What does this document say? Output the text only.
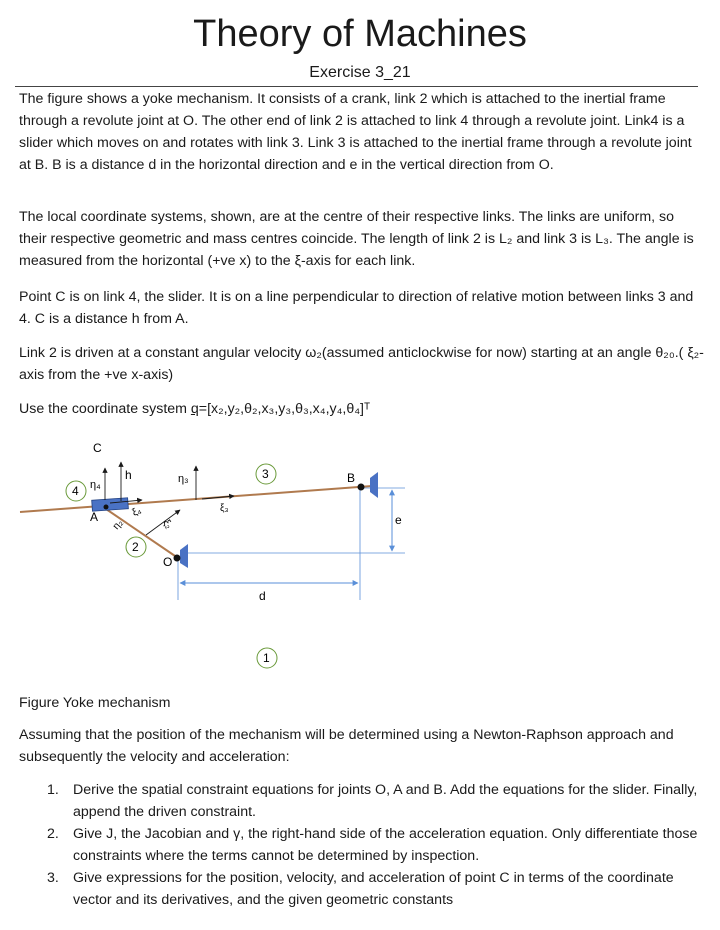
Theory of Machines
Exercise 3_21

The figure shows a yoke mechanism. It consists of a crank, link 2 which is attached to the inertial frame through a revolute joint at O. The other end of link 2 is attached to link 4 through a revolute joint. Link4 is a slider which moves on and rotates with link 3. Link 3 is attached to the inertial frame through a revolute joint at B. B is a distance d in the horizontal direction and e in the vertical direction from O.

The local coordinate systems, shown, are at the centre of their respective links. The links are uniform, so their respective geometric and mass centres coincide. The length of link 2 is L₂ and link 3 is L₃. The angle is measured from the horizontal (+ve x) to the ξ-axis for each link.

Point C is on link 4, the slider. It is on a line perpendicular to direction of relative motion between links 3 and 4. C is a distance h from A.

Link 2 is driven at a constant angular velocity ω₂(assumed anticlockwise for now) starting at an angle θ₂₀.( ξ₂-axis from the +ve x-axis)

Use the coordinate system q=[x₂,y₂,θ₂,x₃,y₃,θ₃,x₄,y₄,θ₄]ᵀ

d
e
C
h
η₄	η₃
ξ₄	ξ₃
ξ₂
η₂
A
B
O
4
3
2
1

Figure Yoke mechanism

Assuming that the position of the mechanism will be determined using a Newton-Raphson approach and subsequently the velocity and acceleration:

1. Derive the spatial constraint equations for joints O, A and B. Add the equations for the slider. Finally, append the driven constraint.
2. Give J, the Jacobian and γ, the right-hand side of the acceleration equation. Only differentiate those constraints where the terms cannot be determined by inspection.
3. Give expressions for the position, velocity, and acceleration of point C in terms of the coordinate vector and its derivatives, and the given geometric constants
